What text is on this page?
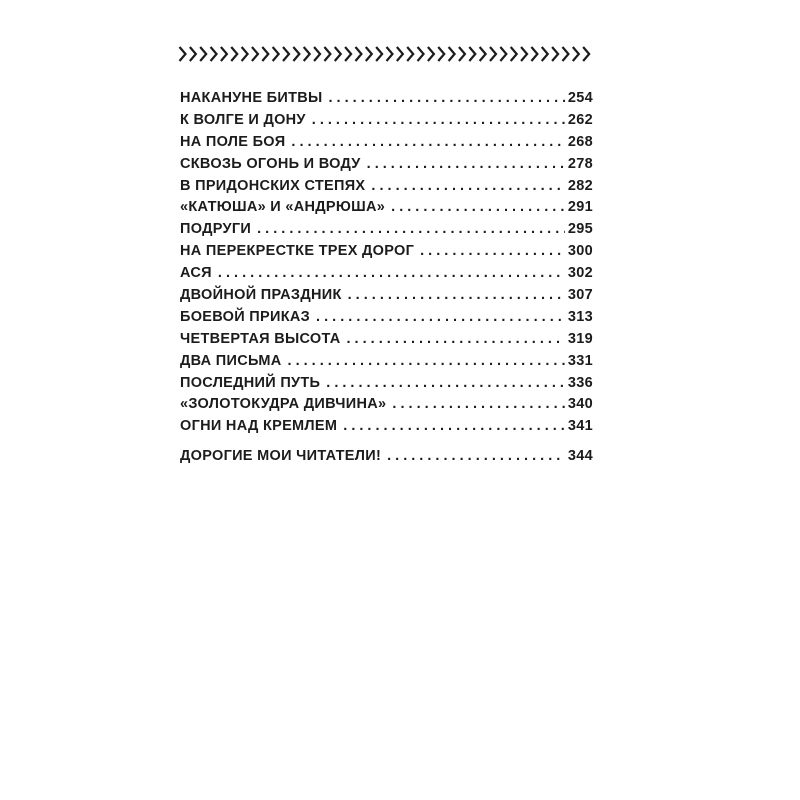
НАКАНУНЕ БИТВЫ . . .	254
К ВОЛГЕ И ДОНУ . . .	262
НА ПОЛЕ БОЯ . . .	268
СКВОЗЬ ОГОНЬ И ВОДУ . . .	278
В ПРИДОНСКИХ СТЕПЯХ . . .	282
«КАТЮША» И «АНДРЮША» . . .	291
ПОДРУГИ . . .	295
НА ПЕРЕКРЕСТКЕ ТРЕХ ДОРОГ . . .	300
АСЯ . . .	302
ДВОЙНОЙ ПРАЗДНИК . . .	307
БОЕВОЙ ПРИКАЗ . . .	313
ЧЕТВЕРТАЯ ВЫСОТА . . .	319
ДВА ПИСЬМА . . .	331
ПОСЛЕДНИЙ ПУТЬ . . .	336
«ЗОЛОТОКУДРА ДИВЧИНА» . . .	340
ОГНИ НАД КРЕМЛЕМ . . .	341
ДОРОГИЕ МОИ ЧИТАТЕЛИ! . . .	344
